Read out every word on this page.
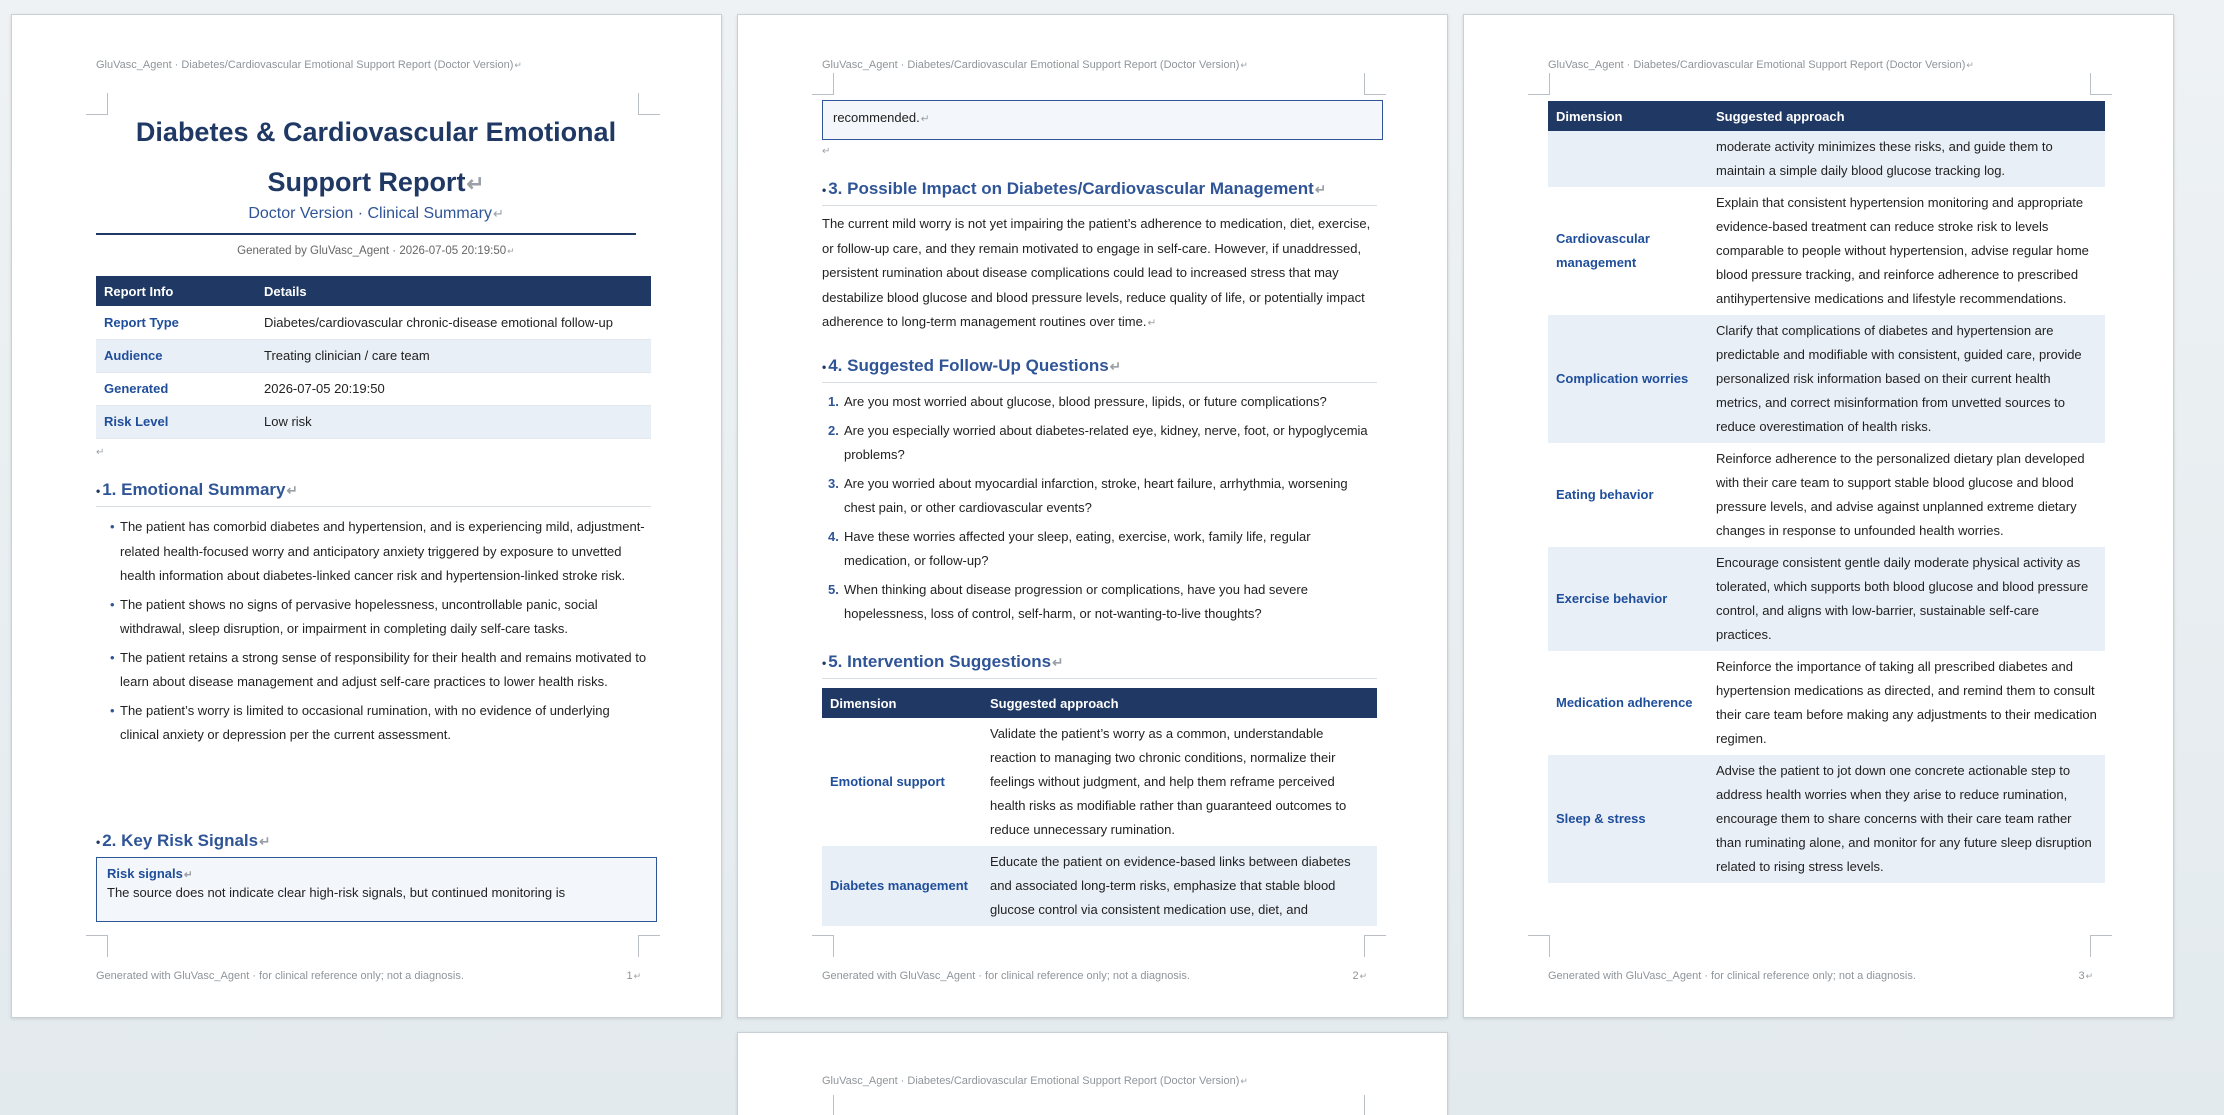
GluVasc_Agent · Diabetes/Cardiovascular Emotional Support Report (Doctor Version)↵
Diabetes & Cardiovascular Emotional
Support Report↵
Doctor Version · Clinical Summary↵
Generated by GluVasc_Agent · 2026-07-05 20:19:50↵
Report Info	Details
Report Type	Diabetes/cardiovascular chronic-disease emotional follow-up
Audience	Treating clinician / care team
Generated	2026-07-05 20:19:50
Risk Level	Low risk
↵
• 1. Emotional Summary↵
• The patient has comorbid diabetes and hypertension, and is experiencing mild, adjustment-related health-focused worry and anticipatory anxiety triggered by exposure to unvetted health information about diabetes-linked cancer risk and hypertension-linked stroke risk.
• The patient shows no signs of pervasive hopelessness, uncontrollable panic, social withdrawal, sleep disruption, or impairment in completing daily self-care tasks.
• The patient retains a strong sense of responsibility for their health and remains motivated to learn about disease management and adjust self-care practices to lower health risks.
• The patient’s worry is limited to occasional rumination, with no evidence of underlying clinical anxiety or depression per the current assessment.
• 2. Key Risk Signals↵
Risk signals↵
The source does not indicate clear high-risk signals, but continued monitoring is
Generated with GluVasc_Agent · for clinical reference only; not a diagnosis.	1↵
GluVasc_Agent · Diabetes/Cardiovascular Emotional Support Report (Doctor Version)↵
recommended.↵
↵
• 3. Possible Impact on Diabetes/Cardiovascular Management↵
The current mild worry is not yet impairing the patient’s adherence to medication, diet, exercise, or follow-up care, and they remain motivated to engage in self-care. However, if unaddressed, persistent rumination about disease complications could lead to increased stress that may destabilize blood glucose and blood pressure levels, reduce quality of life, or potentially impact adherence to long-term management routines over time.↵
• 4. Suggested Follow-Up Questions↵
1. Are you most worried about glucose, blood pressure, lipids, or future complications?
2. Are you especially worried about diabetes-related eye, kidney, nerve, foot, or hypoglycemia problems?
3. Are you worried about myocardial infarction, stroke, heart failure, arrhythmia, worsening chest pain, or other cardiovascular events?
4. Have these worries affected your sleep, eating, exercise, work, family life, regular medication, or follow-up?
5. When thinking about disease progression or complications, have you had severe hopelessness, loss of control, self-harm, or not-wanting-to-live thoughts?
• 5. Intervention Suggestions↵
Dimension	Suggested approach
Emotional support	Validate the patient’s worry as a common, understandable reaction to managing two chronic conditions, normalize their feelings without judgment, and help them reframe perceived health risks as modifiable rather than guaranteed outcomes to reduce unnecessary rumination.
Diabetes management	Educate the patient on evidence-based links between diabetes and associated long-term risks, emphasize that stable blood glucose control via consistent medication use, diet, and
Generated with GluVasc_Agent · for clinical reference only; not a diagnosis.	2↵
GluVasc_Agent · Diabetes/Cardiovascular Emotional Support Report (Doctor Version)↵
Dimension	Suggested approach
	moderate activity minimizes these risks, and guide them to maintain a simple daily blood glucose tracking log.
Cardiovascular management	Explain that consistent hypertension monitoring and appropriate evidence-based treatment can reduce stroke risk to levels comparable to people without hypertension, advise regular home blood pressure tracking, and reinforce adherence to prescribed antihypertensive medications and lifestyle recommendations.
Complication worries	Clarify that complications of diabetes and hypertension are predictable and modifiable with consistent, guided care, provide personalized risk information based on their current health metrics, and correct misinformation from unvetted sources to reduce overestimation of health risks.
Eating behavior	Reinforce adherence to the personalized dietary plan developed with their care team to support stable blood glucose and blood pressure levels, and advise against unplanned extreme dietary changes in response to unfounded health worries.
Exercise behavior	Encourage consistent gentle daily moderate physical activity as tolerated, which supports both blood glucose and blood pressure control, and aligns with low-barrier, sustainable self-care practices.
Medication adherence	Reinforce the importance of taking all prescribed diabetes and hypertension medications as directed, and remind them to consult their care team before making any adjustments to their medication regimen.
Sleep & stress	Advise the patient to jot down one concrete actionable step to address health worries when they arise to reduce rumination, encourage them to share concerns with their care team rather than ruminating alone, and monitor for any future sleep disruption related to rising stress levels.
Generated with GluVasc_Agent · for clinical reference only; not a diagnosis.	3↵
GluVasc_Agent · Diabetes/Cardiovascular Emotional Support Report (Doctor Version)↵
